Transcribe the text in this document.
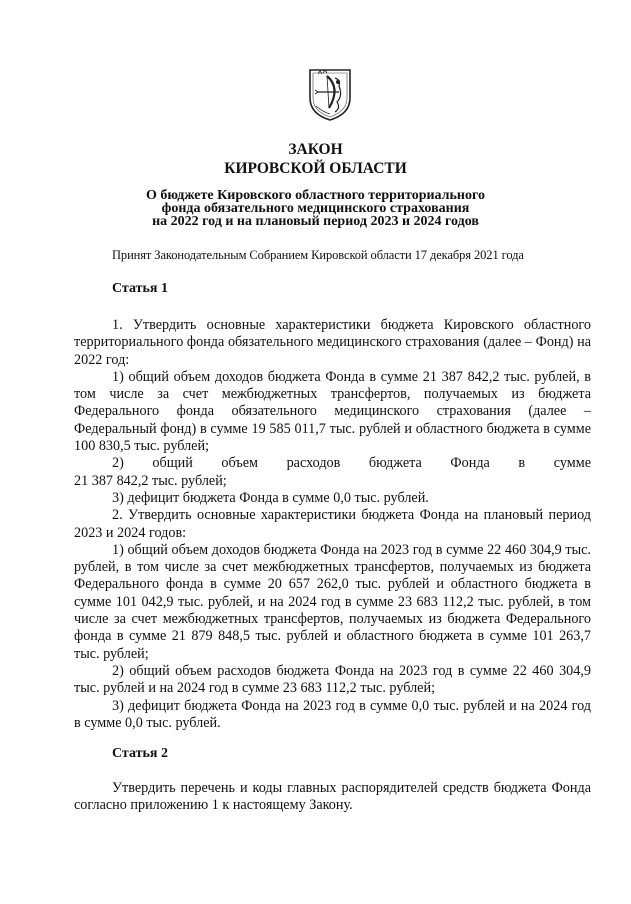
ЗАКОН
КИРОВСКОЙ ОБЛАСТИ
О бюджете Кировского областного территориального
фонда обязательного медицинского страхования
на 2022 год и на плановый период 2023 и 2024 годов
Принят Законодательным Собранием Кировской области 17 декабря 2021 года
Статья 1

1. Утвердить основные характеристики бюджета Кировского областного территориального фонда обязательного медицинского страхования (далее – Фонд) на 2022 год:

1) общий объем доходов бюджета Фонда в сумме 21 387 842,2 тыс. рублей, в том числе за счет межбюджетных трансфертов, получаемых из бюджета Федерального фонда обязательного медицинского страхования (далее – Федеральный фонд) в сумме 19 585 011,7 тыс. рублей и областного бюджета в сумме 100 830,5 тыс. рублей;

2) общий объем расходов бюджета Фонда в сумме

21 387 842,2 тыс. рублей;

3) дефицит бюджета Фонда в сумме 0,0 тыс. рублей.

2. Утвердить основные характеристики бюджета Фонда на плановый период 2023 и 2024 годов:

1) общий объем доходов бюджета Фонда на 2023 год в сумме 22 460 304,9 тыс. рублей, в том числе за счет межбюджетных трансфертов, получаемых из бюджета Федерального фонда в сумме 20 657 262,0 тыс. рублей и областного бюджета в сумме 101 042,9 тыс. рублей, и на 2024 год в сумме 23 683 112,2 тыс. рублей, в том числе за счет межбюджетных трансфертов, получаемых из бюджета Федерального фонда в сумме 21 879 848,5 тыс. рублей и областного бюджета в сумме 101 263,7 тыс. рублей;

2) общий объем расходов бюджета Фонда на 2023 год в сумме 22 460 304,9 тыс. рублей и на 2024 год в сумме 23 683 112,2 тыс. рублей;

3) дефицит бюджета Фонда на 2023 год в сумме 0,0 тыс. рублей и на 2024 год в сумме 0,0 тыс. рублей.

Статья 2

Утвердить перечень и коды главных распорядителей средств бюджета Фонда согласно приложению 1 к настоящему Закону.
